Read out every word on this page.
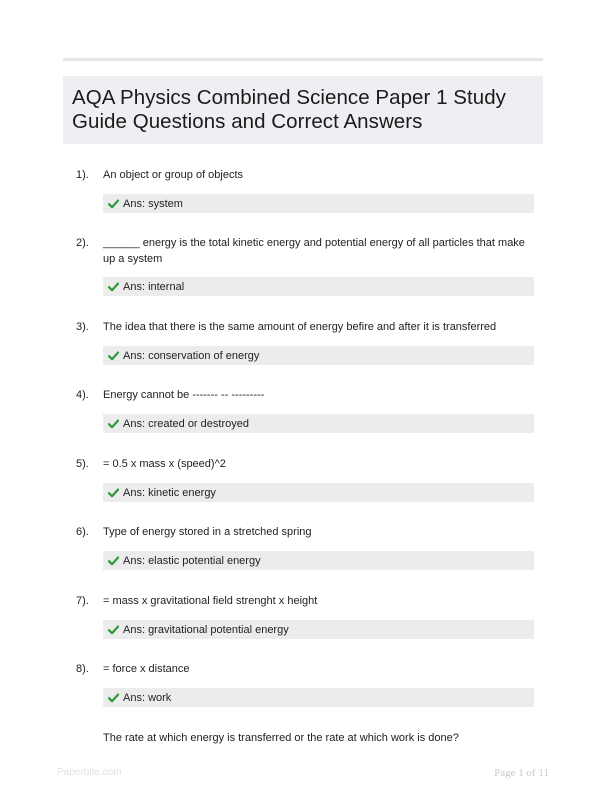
AQA Physics Combined Science Paper 1 Study Guide Questions and Correct Answers
1). An object or group of objects
Ans: system
2). ______ energy is the total kinetic energy and potential energy of all particles that make up a system
Ans: internal
3). The idea that there is the same amount of energy befire and after it is transferred
Ans: conservation of energy
4). Energy cannot be ------- -- ---------
Ans: created or destroyed
5). = 0.5 x mass x (speed)^2
Ans: kinetic energy
6). Type of energy stored in a stretched spring
Ans: elastic potential energy
7). = mass x gravitational field strenght x height
Ans: gravitational potential energy
8). = force x distance
Ans: work
The rate at which energy is transferred or the rate at which work is done?
Paperbite.com	Page 1 of 11
